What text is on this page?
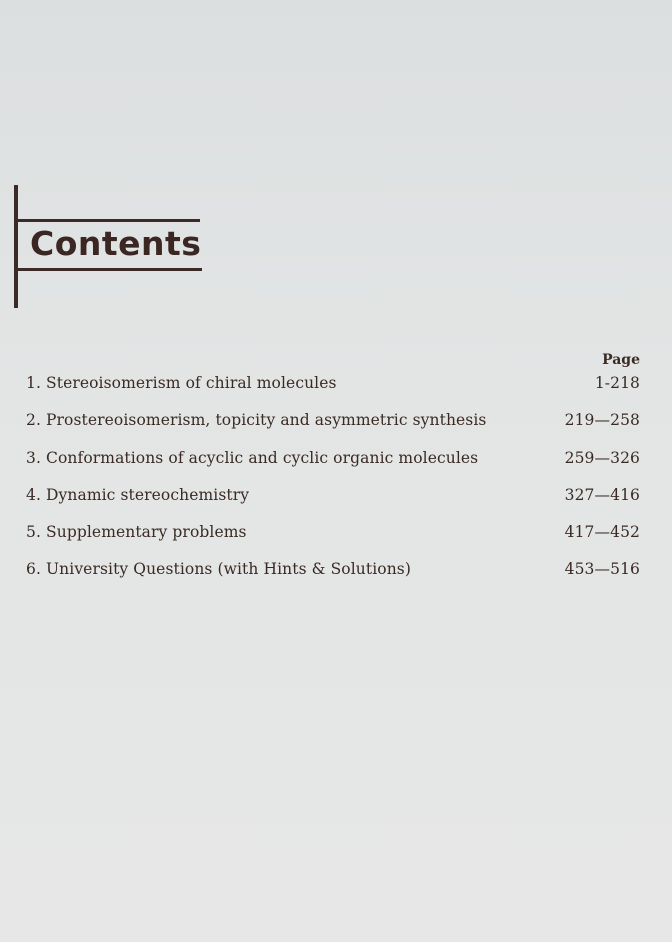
Contents
Page
1. Stereoisomerism of chiral molecules	1-218
2. Prostereoisomerism, topicity and asymmetric synthesis	219—258
3. Conformations of acyclic and cyclic organic molecules	259—326
4. Dynamic stereochemistry	327—416
5. Supplementary problems	417—452
6. University Questions (with Hints & Solutions)	453—516
